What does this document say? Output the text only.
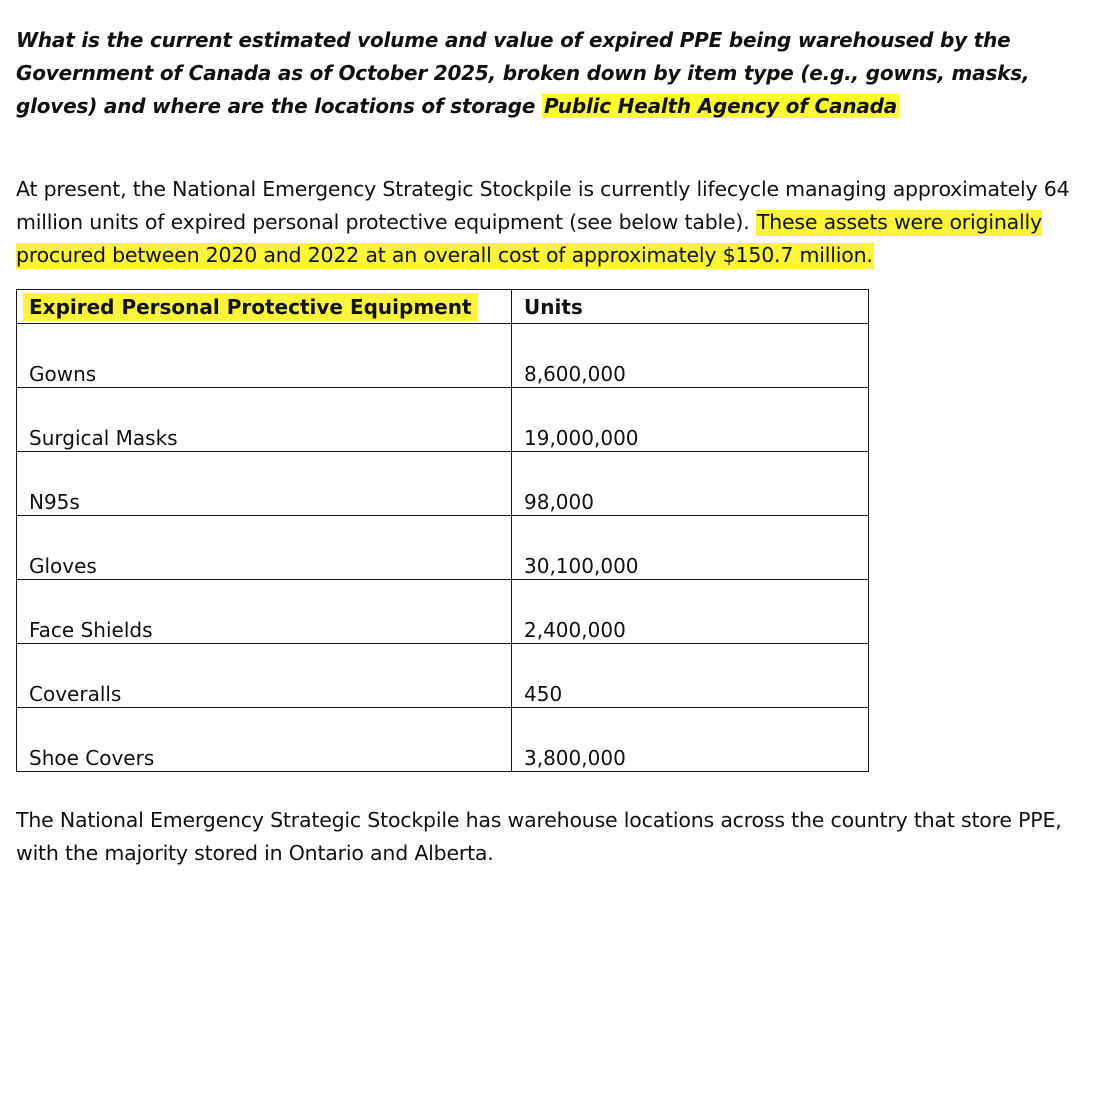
What is the current estimated volume and value of expired PPE being warehoused by the Government of Canada as of October 2025, broken down by item type (e.g., gowns, masks, gloves) and where are the locations of storage Public Health Agency of Canada

At present, the National Emergency Strategic Stockpile is currently lifecycle managing approximately 64 million units of expired personal protective equipment (see below table). These assets were originally procured between 2020 and 2022 at an overall cost of approximately $150.7 million.

Expired Personal Protective Equipment	Units
Gowns	8,600,000
Surgical Masks	19,000,000
N95s	98,000
Gloves	30,100,000
Face Shields	2,400,000
Coveralls	450
Shoe Covers	3,800,000

The National Emergency Strategic Stockpile has warehouse locations across the country that store PPE, with the majority stored in Ontario and Alberta.
